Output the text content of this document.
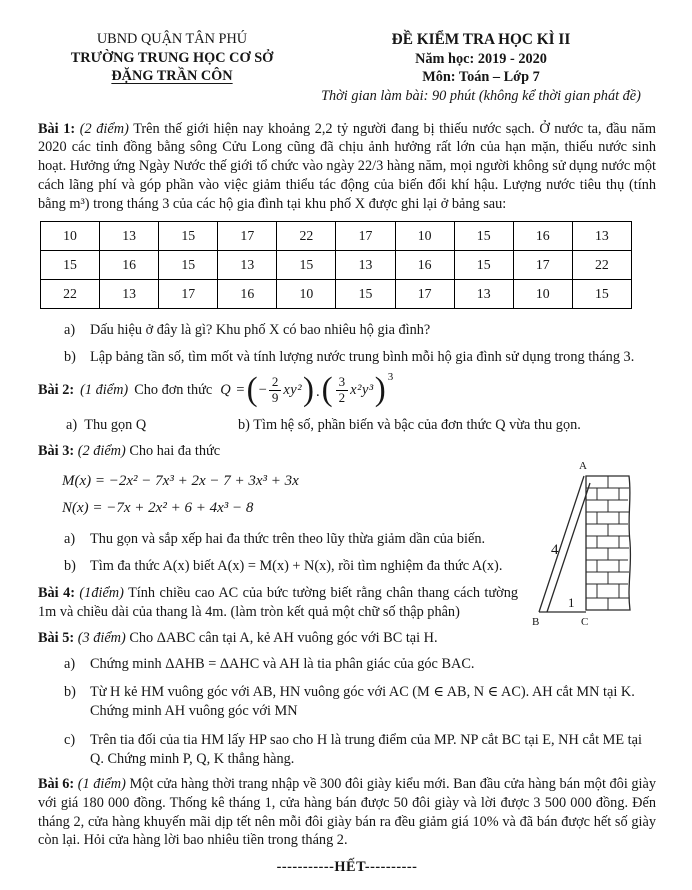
UBND QUẬN TÂN PHÚ
TRƯỜNG TRUNG HỌC CƠ SỞ
ĐẶNG TRẦN CÔN
ĐỀ KIỂM TRA HỌC KÌ II
Năm học: 2019 - 2020
Môn: Toán – Lớp 7
Thời gian làm bài: 90 phút (không kể thời gian phát đề)

Bài 1: (2 điểm) Trên thế giới hiện nay khoảng 2,2 tỷ người đang bị thiếu nước sạch. Ở nước ta, đầu năm 2020 các tỉnh đồng bằng sông Cửu Long cũng đã chịu ảnh hưởng rất lớn của hạn mặn, thiếu nước sinh hoạt. Hưởng ứng Ngày Nước thế giới tổ chức vào ngày 22/3 hàng năm, mọi người không sử dụng nước một cách lãng phí và góp phần vào việc giảm thiểu tác động của biến đổi khí hậu. Lượng nước tiêu thụ (tính bằng m³) trong tháng 3 của các hộ gia đình tại khu phố X được ghi lại ở bảng sau:

10	13	15	17	22	17	10	15	16	13
15	16	15	13	15	13	16	15	17	22
22	13	17	16	10	15	17	13	10	15
a)	Dấu hiệu ở đây là gì? Khu phố X có bao nhiêu hộ gia đình?
b) Lập bảng tần số, tìm mốt và tính lượng nước trung bình mỗi hộ gia đình sử dụng trong tháng 3.
Bài 2: (1 điểm) Cho đơn thức Q = ( − $\frac{2}{9} xy^2$ ) . ( $\frac{3}{2} x^2y^3$ ) 3
a) Thu gọn Q	b) Tìm hệ số, phần biến và bậc của đơn thức Q vừa thu gọn.

Bài 3: (2 điểm) Cho hai đa thức

A
B	C
4
1
M(x) = −2x² − 7x³ + 2x − 7 + 3x³ + 3x
N(x) = −7x + 2x² + 6 + 4x³ − 8
a)	Thu gọn và sắp xếp hai đa thức trên theo lũy thừa giảm dần của biến.
b) Tìm đa thức A(x) biết A(x) = M(x) + N(x), rồi tìm nghiệm đa thức A(x).

Bài 4: (1điểm) Tính chiều cao AC của bức tường biết rằng chân thang cách tường 1m và chiều dài của thang là 4m. (làm tròn kết quả một chữ số thập phân)

Bài 5: (3 điểm) Cho ΔABC cân tại A, kẻ AH vuông góc với BC tại H.

a)	Chứng minh ΔAHB = ΔAHC và AH là tia phân giác của góc BAC.
b) Từ H kẻ HM vuông góc với AB, HN vuông góc với AC (M ∈ AB, N ∈ AC). AH cắt MN tại K. Chứng minh AH vuông góc với MN
c)	Trên tia đối của tia HM lấy HP sao cho H là trung điểm của MP. NP cắt BC tại E, NH cắt ME tại Q. Chứng minh P, Q, K thẳng hàng.

Bài 6: (1 điểm) Một cửa hàng thời trang nhập về 300 đôi giày kiểu mới. Ban đầu cửa hàng bán một đôi giày với giá 180 000 đồng. Thống kê tháng 1, cửa hàng bán được 50 đôi giày và lời được 3 500 000 đồng. Đến tháng 2, cửa hàng khuyến mãi dịp tết nên mỗi đôi giày bán ra đều giảm giá 10% và đã bán được hết số giày còn lại. Hỏi cửa hàng lời bao nhiêu tiền trong tháng 2.

-----------HẾT----------
